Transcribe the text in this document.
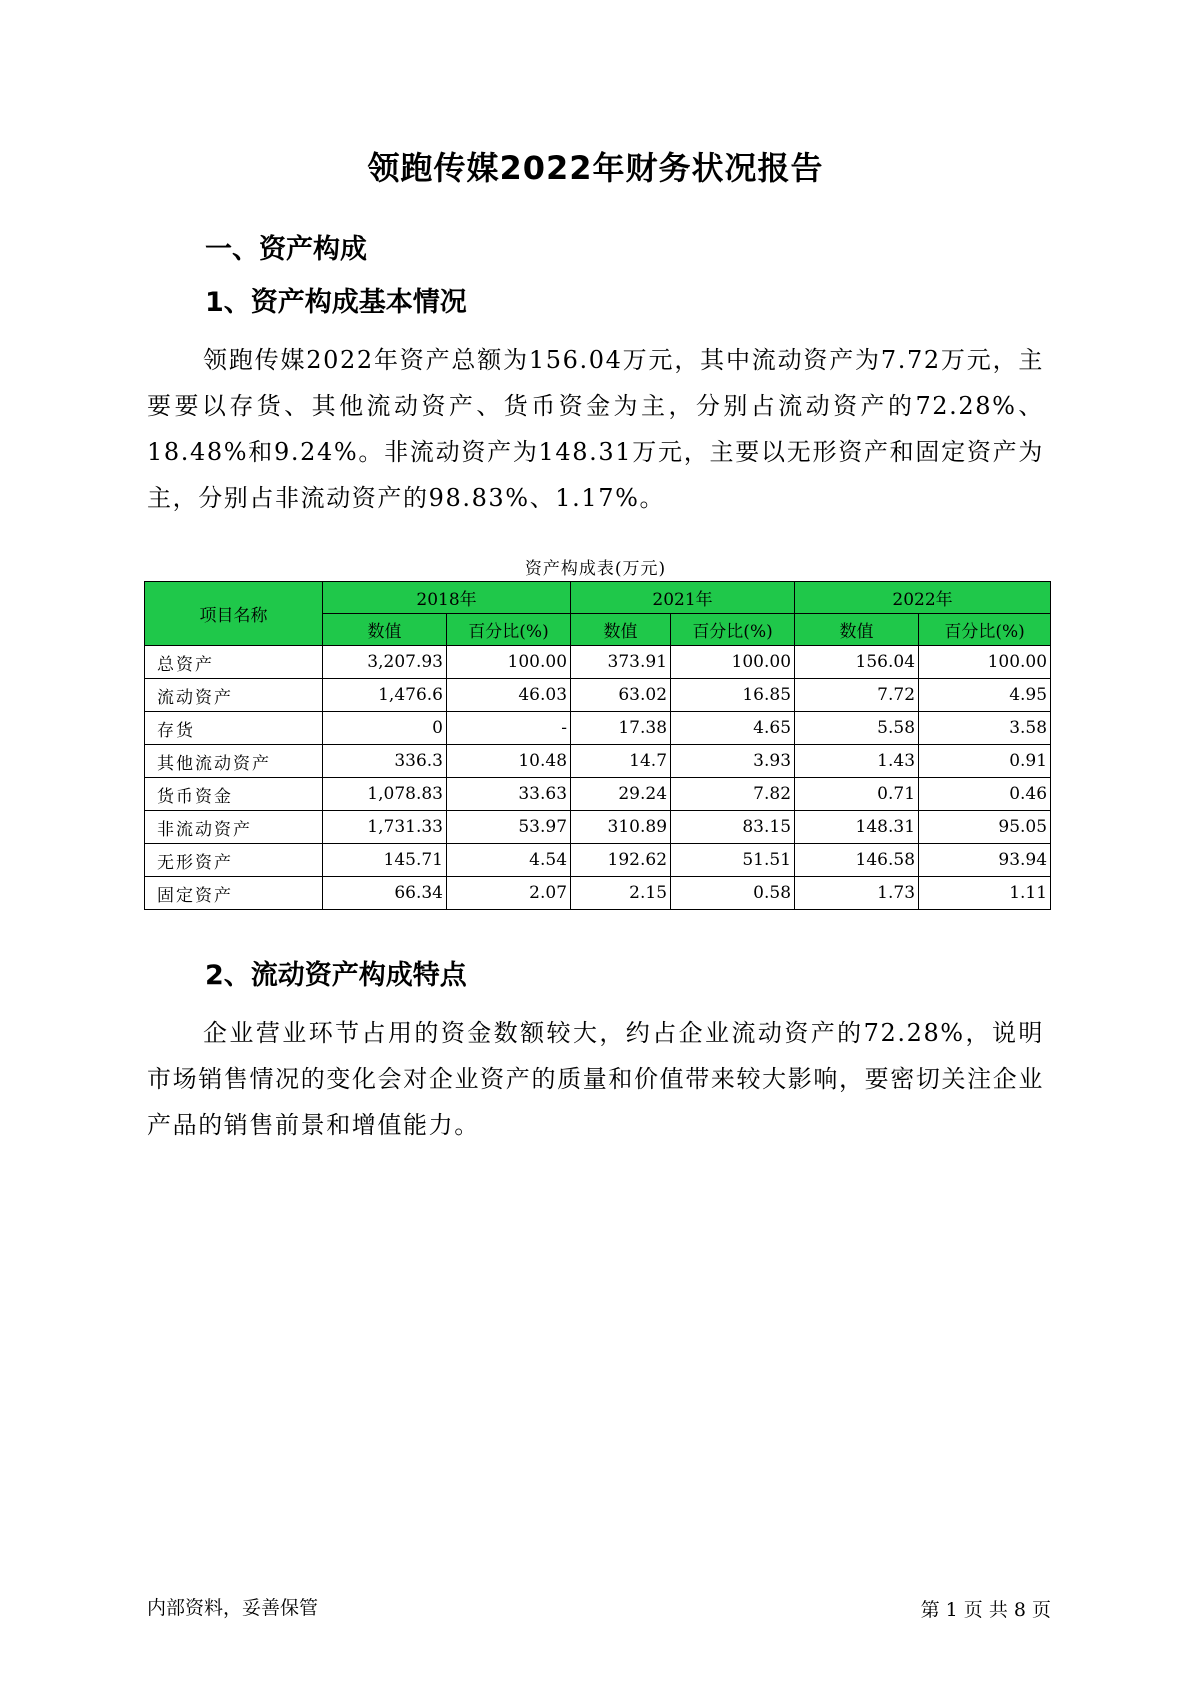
领跑传媒2022年财务状况报告
一、资产构成
1、资产构成基本情况
领跑传媒2022年资产总额为156.04万元，其中流动资产为7.72万元，主要要以存货、其他流动资产、货币资金为主，分别占流动资产的72.28%、18.48%和9.24%。非流动资产为148.31万元，主要以无形资产和固定资产为主，分别占非流动资产的98.83%、1.17%。
资产构成表(万元)
项目名称	2018年		2021年		2022年	
	数值	百分比(%)	数值	百分比(%)	数值	百分比(%)
总资产	3,207.93	100.00	373.91	100.00	156.04	100.00
流动资产	1,476.6	46.03	63.02	16.85	7.72	4.95
存货	0	-	17.38	4.65	5.58	3.58
其他流动资产	336.3	10.48	14.7	3.93	1.43	0.91
货币资金	1,078.83	33.63	29.24	7.82	0.71	0.46
非流动资产	1,731.33	53.97	310.89	83.15	148.31	95.05
无形资产	145.71	4.54	192.62	51.51	146.58	93.94
固定资产	66.34	2.07	2.15	0.58	1.73	1.11
2、流动资产构成特点
企业营业环节占用的资金数额较大，约占企业流动资产的72.28%，说明市场销售情况的变化会对企业资产的质量和价值带来较大影响，要密切关注企业产品的销售前景和增值能力。
内部资料，妥善保管	第 1 页 共 8 页
